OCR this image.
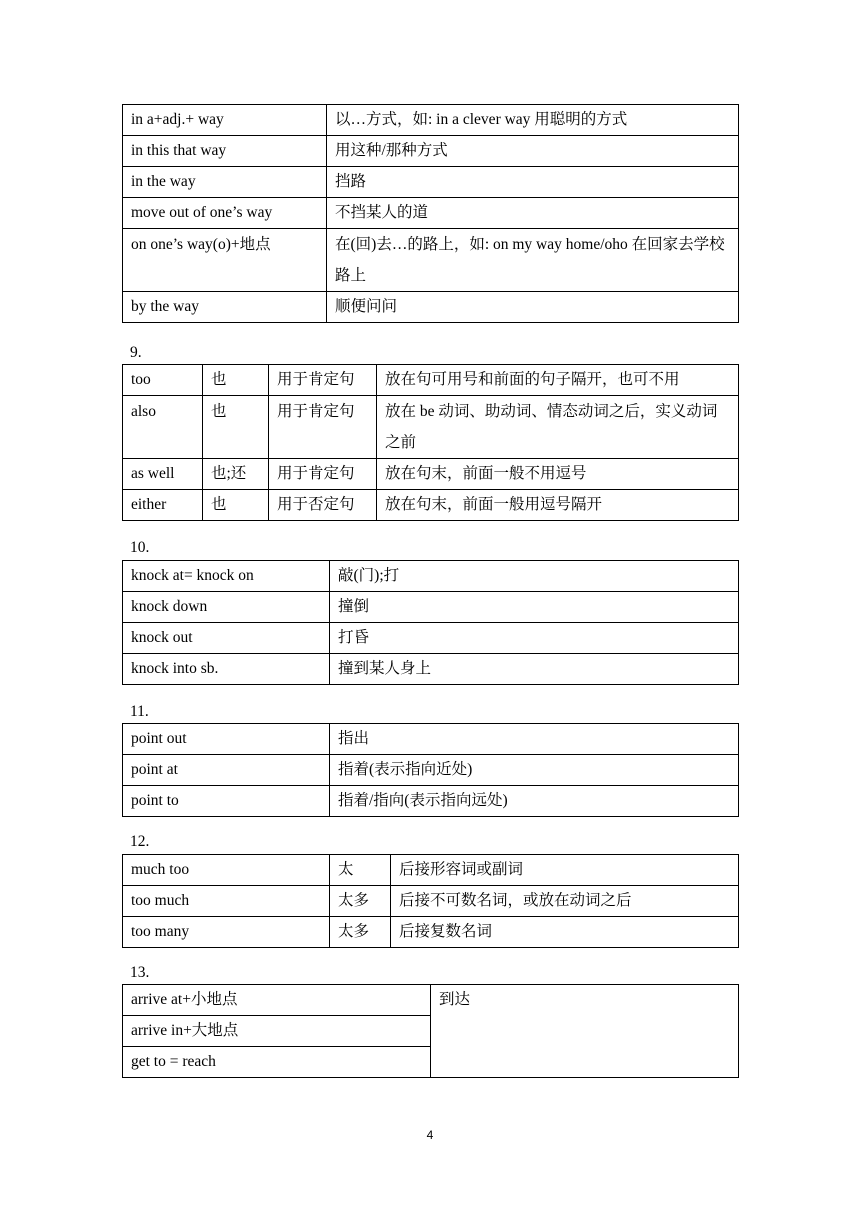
in a+adj.+ way	以…方式，如: in a clever way 用聪明的方式
in this that way	用这种/那种方式
in the way	挡路
move out of one’s way	不挡某人的道
on one’s way(o)+地点	在(回)去…的路上，如: on my way home/oho 在回家去学校路上
by the way	顺便问问
9.
too	也	用于肯定句	放在句可用号和前面的句子隔开，也可不用
also	也	用于肯定句	放在 be 动词、助动词、情态动词之后，实义动词之前
as well	也;还	用于肯定句	放在句末，前面一般不用逗号
either	也	用于否定句	放在句末，前面一般用逗号隔开
10.
knock at= knock on	敲(门);打
knock down	撞倒
knock out	打昏
knock into sb.	撞到某人身上
11.
point out	指出
point at	指着(表示指向近处)
point to	指着/指向(表示指向远处)
12.
much too	太	后接形容词或副词
too much	太多	后接不可数名词，或放在动词之后
too many	太多	后接复数名词
13.
arrive at+小地点	到达
arrive in+大地点
get to = reach
4
